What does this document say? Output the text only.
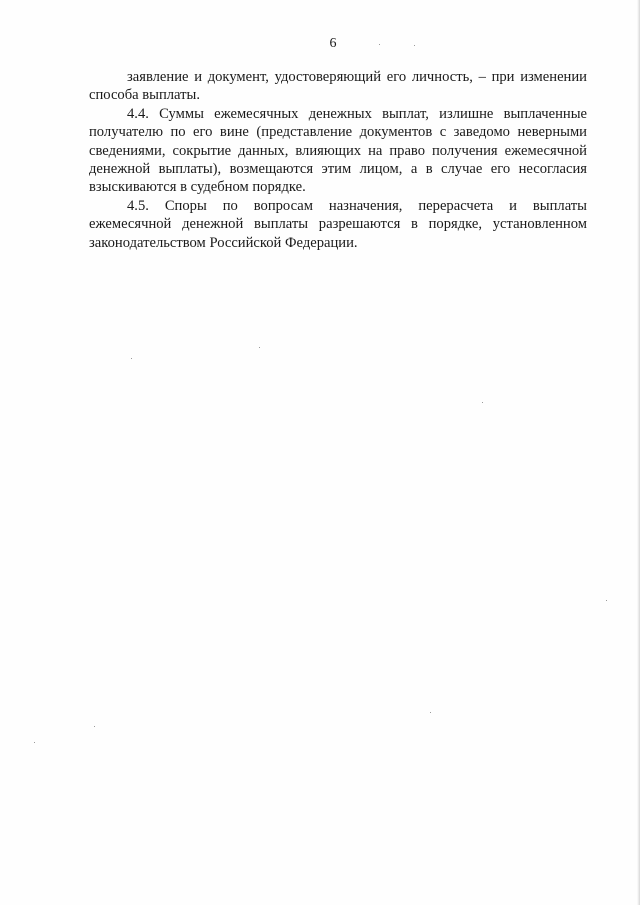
6

заявление и документ, удостоверяющий его личность, – при изменении способа выплаты.

4.4. Суммы ежемесячных денежных выплат, излишне выплаченные получателю по его вине (представление документов с заведомо неверными сведениями, сокрытие данных, влияющих на право получения ежемесячной денежной выплаты), возмещаются этим лицом, а в случае его несогласия взыскиваются в судебном порядке.

4.5. Споры по вопросам назначения, перерасчета и выплаты ежемесячной денежной выплаты разрешаются в порядке, установленном законодательством Российской Федерации.
